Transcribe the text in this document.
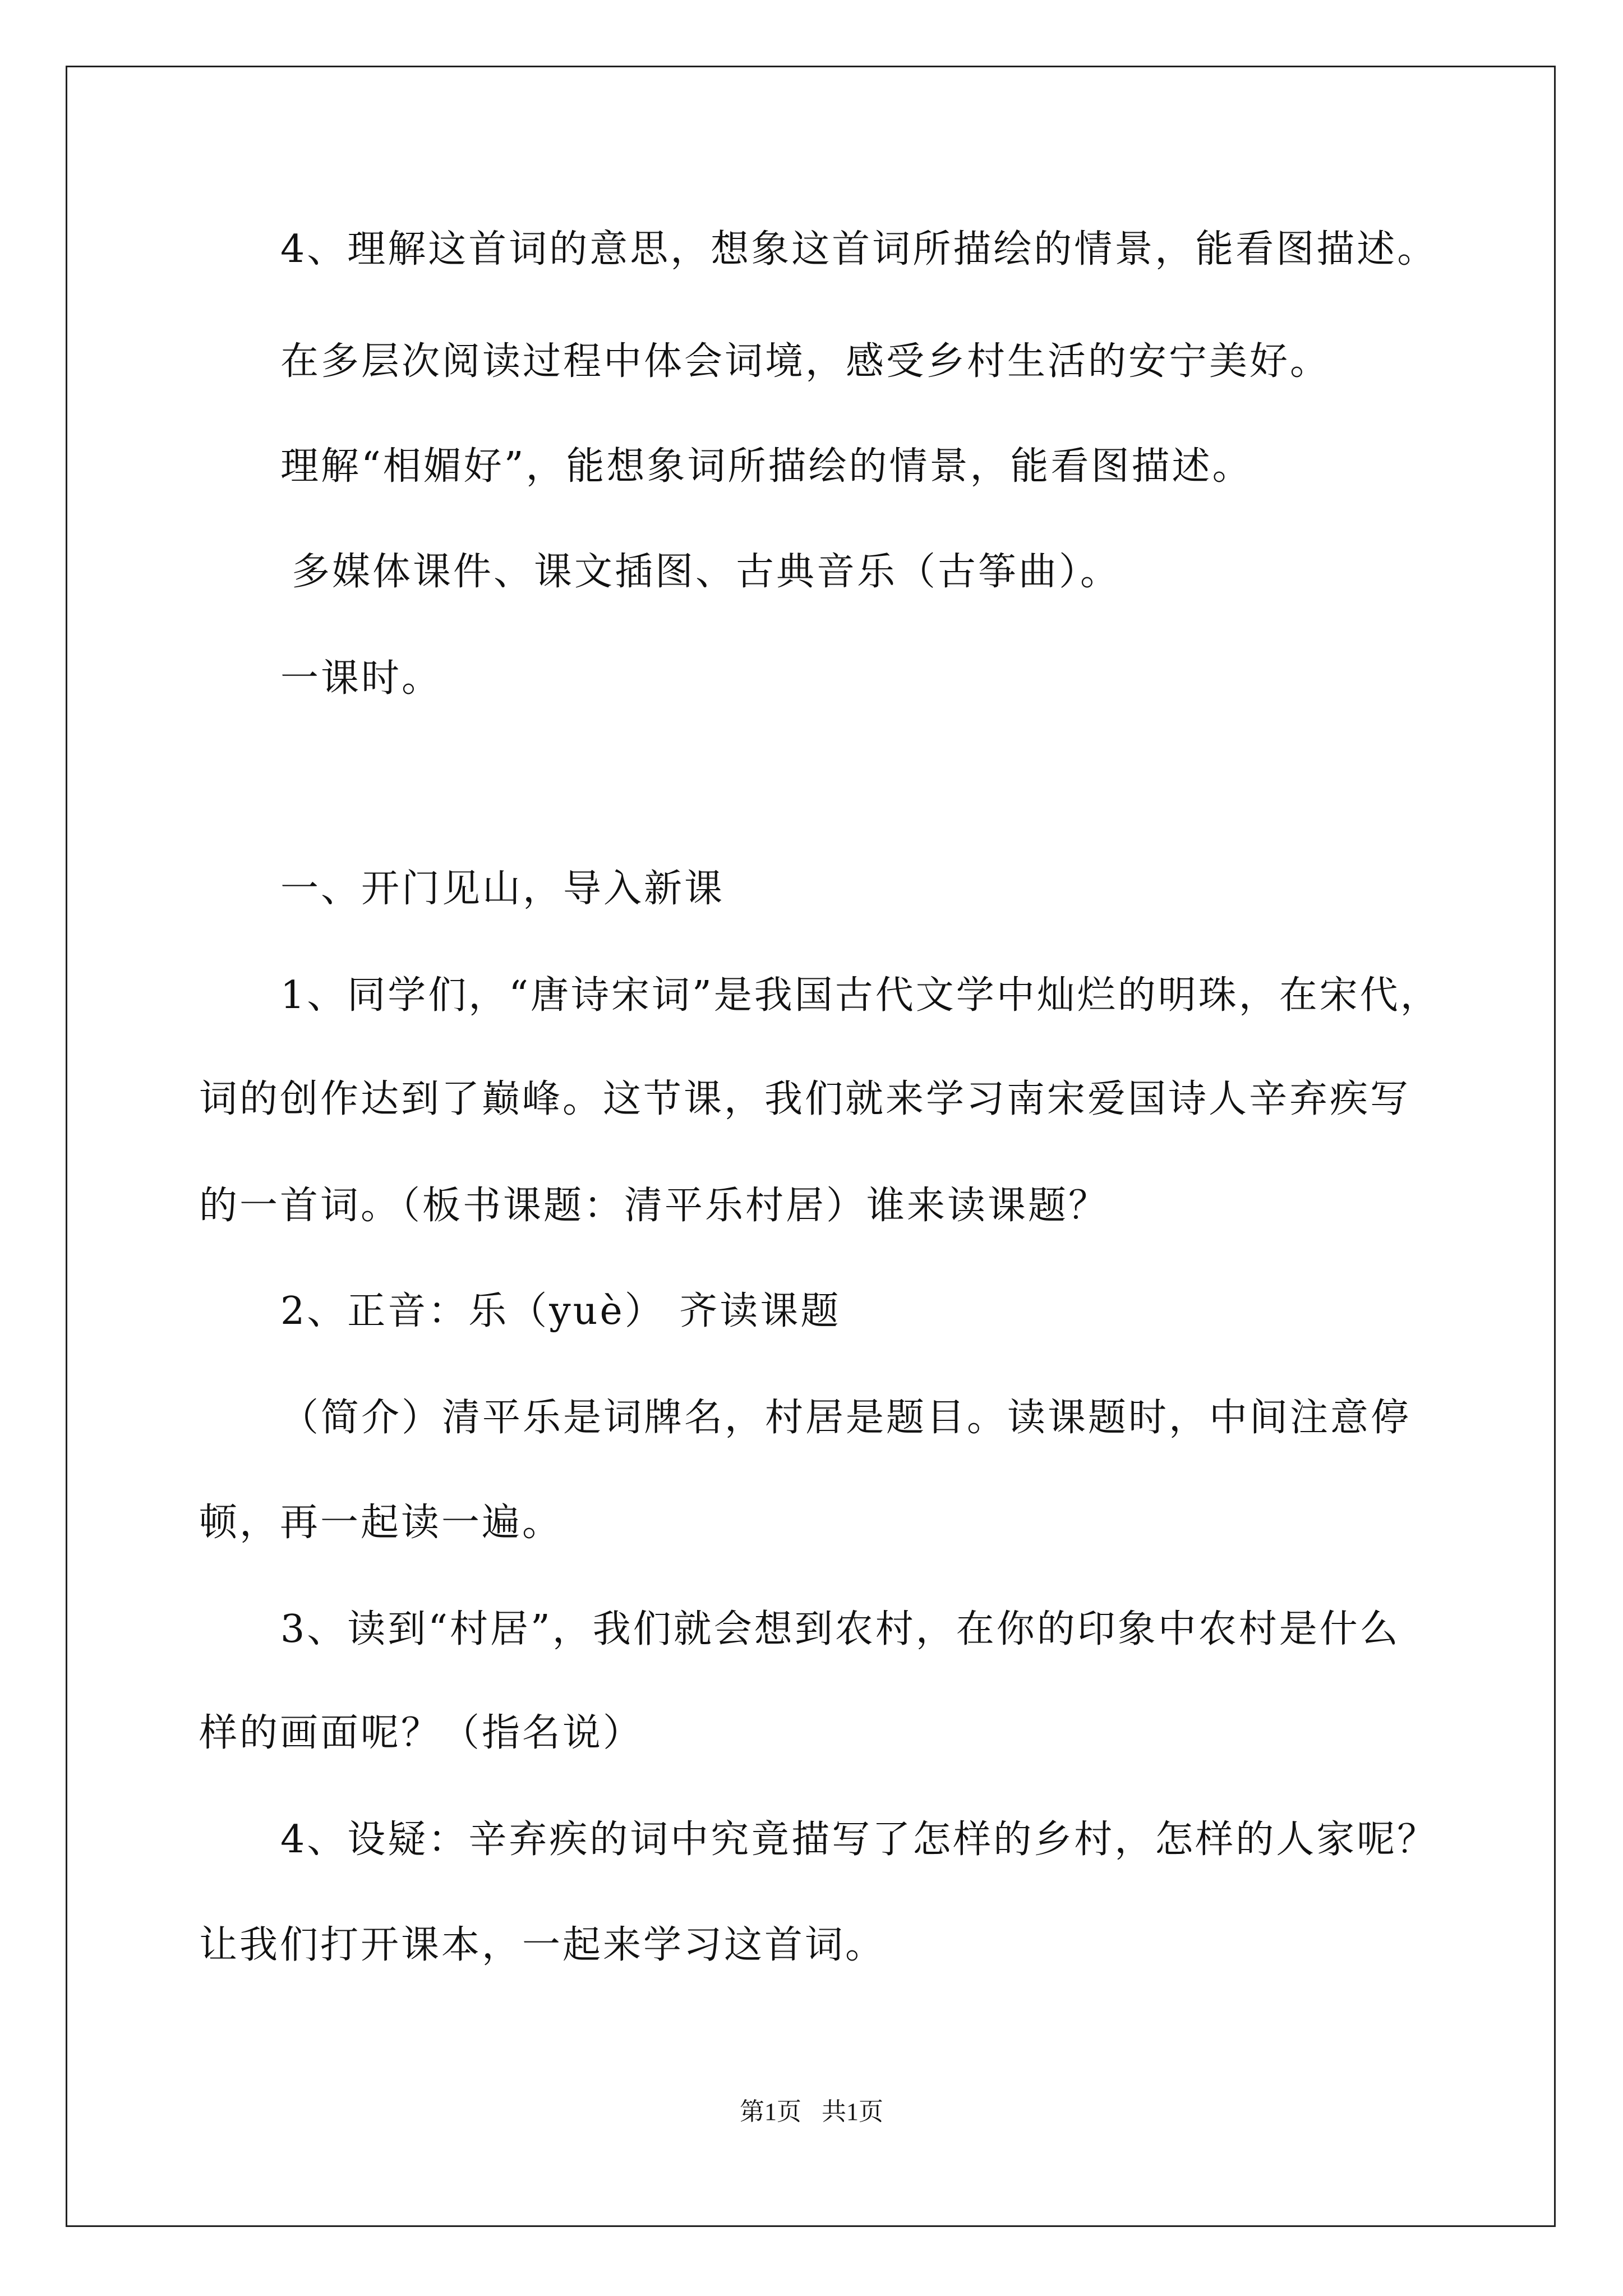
4、理解这首词的意思，想象这首词所描绘的情景，能看图描述。
在多层次阅读过程中体会词境，感受乡村生活的安宁美好。
理解“相媚好”，能想象词所描绘的情景，能看图描述。
多媒体课件、课文插图、古典音乐（古筝曲）。
一课时。
一、开门见山，导入新课
1、同学们，“唐诗宋词”是我国古代文学中灿烂的明珠，在宋代，
词的创作达到了巅峰。这节课，我们就来学习南宋爱国诗人辛弃疾写
的一首词。（板书课题：清平乐村居）谁来读课题？
2、正音：乐（yuè） 齐读课题
（简介）清平乐是词牌名，村居是题目。读课题时，中间注意停
顿，再一起读一遍。
3、读到“村居”，我们就会想到农村，在你的印象中农村是什么
样的画面呢？（指名说）
4、设疑：辛弃疾的词中究竟描写了怎样的乡村，怎样的人家呢？
让我们打开课本，一起来学习这首词。
第1页 共1页
